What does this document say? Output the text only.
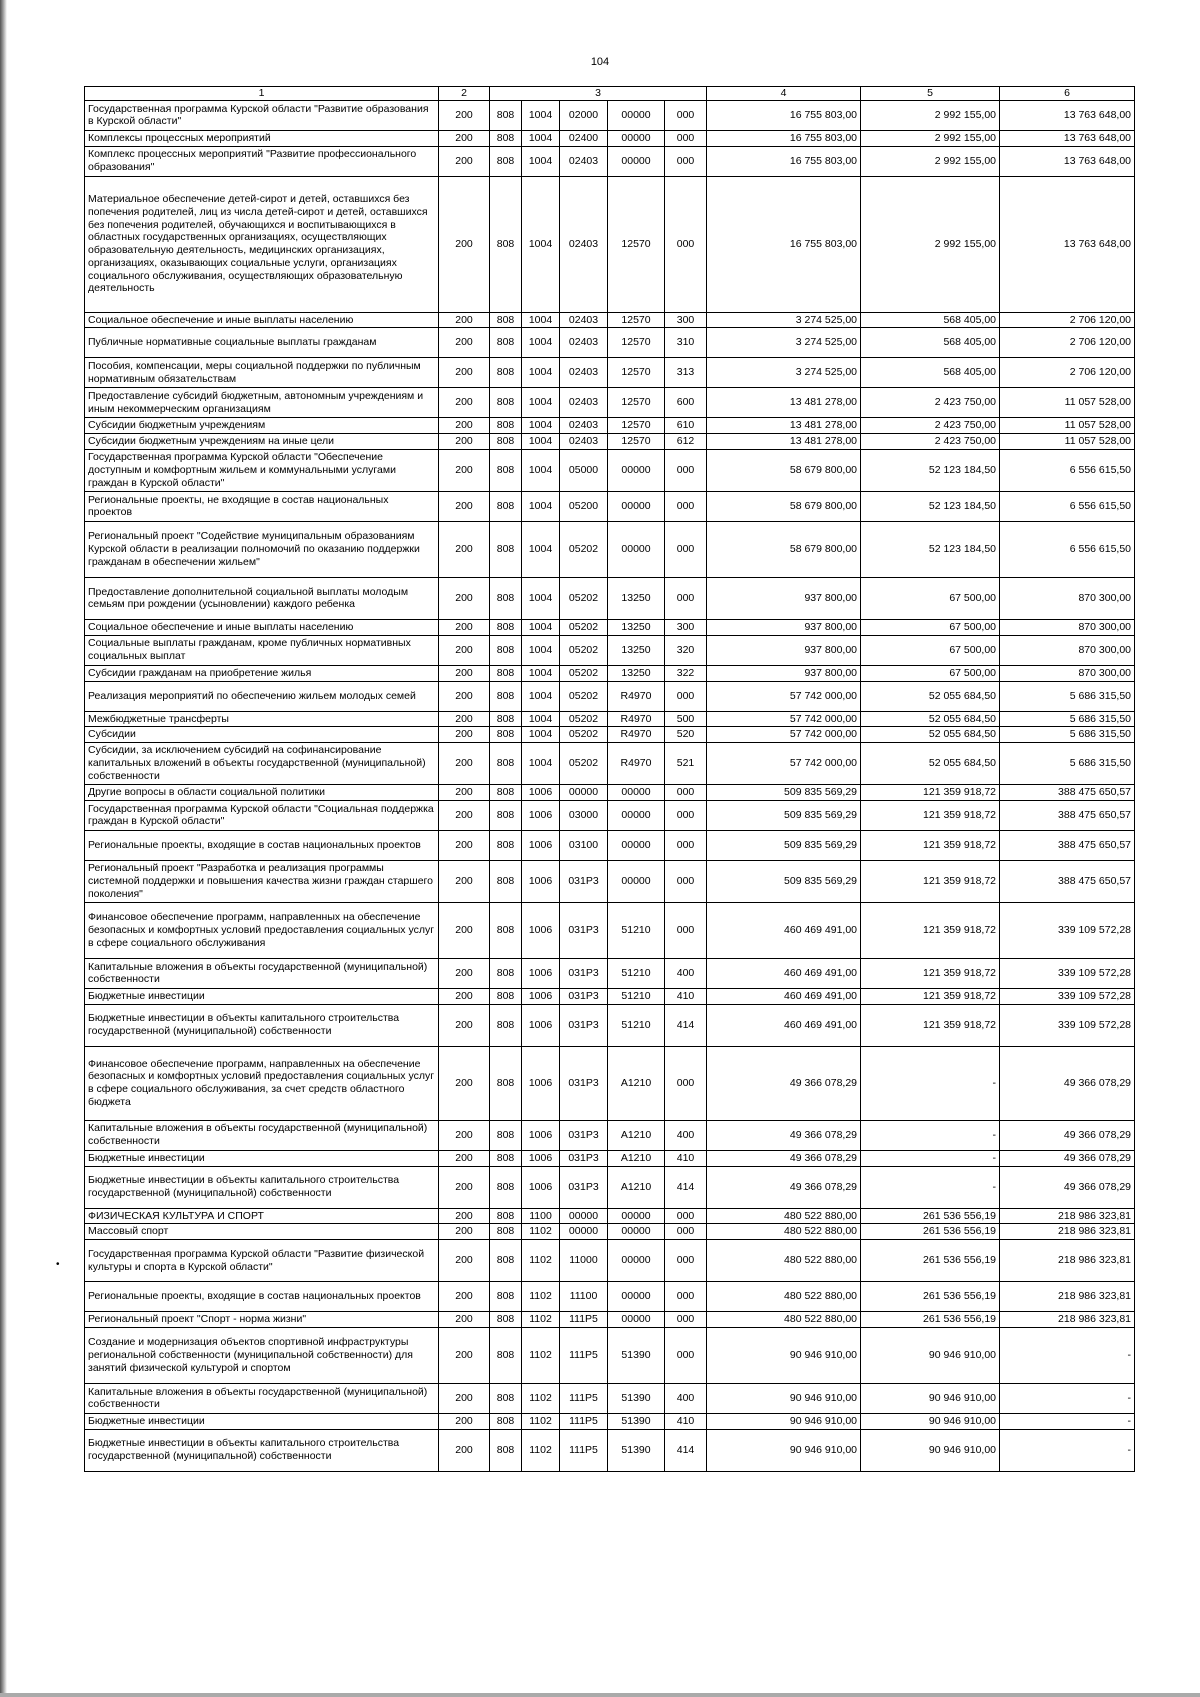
104
•
1	2	3					4	5	6
Государственная программа Курской области "Развитие образования в Курской области"	200	808	1004	02000	00000	000	16 755 803,00	2 992 155,00	13 763 648,00
Комплексы процессных мероприятий	200	808	1004	02400	00000	000	16 755 803,00	2 992 155,00	13 763 648,00
Комплекс процессных мероприятий "Развитие профессионального образования"	200	808	1004	02403	00000	000	16 755 803,00	2 992 155,00	13 763 648,00
Материальное обеспечение детей-сирот и детей, оставшихся без попечения родителей, лиц из числа детей-сирот и детей, оставшихся без попечения родителей, обучающихся и воспитывающихся в областных государственных организациях, осуществляющих образовательную деятельность, медицинских организациях, организациях, оказывающих социальные услуги, организациях социального обслуживания, осуществляющих образовательную деятельность	200	808	1004	02403	12570	000	16 755 803,00	2 992 155,00	13 763 648,00
Социальное обеспечение и иные выплаты населению	200	808	1004	02403	12570	300	3 274 525,00	568 405,00	2 706 120,00
Публичные нормативные социальные выплаты гражданам	200	808	1004	02403	12570	310	3 274 525,00	568 405,00	2 706 120,00
Пособия, компенсации, меры социальной поддержки по публичным нормативным обязательствам	200	808	1004	02403	12570	313	3 274 525,00	568 405,00	2 706 120,00
Предоставление субсидий бюджетным, автономным учреждениям и иным некоммерческим организациям	200	808	1004	02403	12570	600	13 481 278,00	2 423 750,00	11 057 528,00
Субсидии бюджетным учреждениям	200	808	1004	02403	12570	610	13 481 278,00	2 423 750,00	11 057 528,00
Субсидии бюджетным учреждениям на иные цели	200	808	1004	02403	12570	612	13 481 278,00	2 423 750,00	11 057 528,00
Государственная программа Курской области "Обеспечение доступным и комфортным жильем и коммунальными услугами граждан в Курской области"	200	808	1004	05000	00000	000	58 679 800,00	52 123 184,50	6 556 615,50
Региональные проекты, не входящие в состав национальных проектов	200	808	1004	05200	00000	000	58 679 800,00	52 123 184,50	6 556 615,50
Региональный проект "Содействие муниципальным образованиям Курской области в реализации полномочий по оказанию поддержки гражданам в обеспечении жильем"	200	808	1004	05202	00000	000	58 679 800,00	52 123 184,50	6 556 615,50
Предоставление дополнительной социальной выплаты молодым семьям при рождении (усыновлении) каждого ребенка	200	808	1004	05202	13250	000	937 800,00	67 500,00	870 300,00
Социальное обеспечение и иные выплаты населению	200	808	1004	05202	13250	300	937 800,00	67 500,00	870 300,00
Социальные выплаты гражданам, кроме публичных нормативных социальных выплат	200	808	1004	05202	13250	320	937 800,00	67 500,00	870 300,00
Субсидии гражданам на приобретение жилья	200	808	1004	05202	13250	322	937 800,00	67 500,00	870 300,00
Реализация мероприятий по обеспечению жильем молодых семей	200	808	1004	05202	R4970	000	57 742 000,00	52 055 684,50	5 686 315,50
Межбюджетные трансферты	200	808	1004	05202	R4970	500	57 742 000,00	52 055 684,50	5 686 315,50
Субсидии	200	808	1004	05202	R4970	520	57 742 000,00	52 055 684,50	5 686 315,50
Субсидии, за исключением субсидий на софинансирование капитальных вложений в объекты государственной (муниципальной) собственности	200	808	1004	05202	R4970	521	57 742 000,00	52 055 684,50	5 686 315,50
Другие вопросы в области социальной политики	200	808	1006	00000	00000	000	509 835 569,29	121 359 918,72	388 475 650,57
Государственная программа Курской области "Социальная поддержка граждан в Курской области"	200	808	1006	03000	00000	000	509 835 569,29	121 359 918,72	388 475 650,57
Региональные проекты, входящие в состав национальных проектов	200	808	1006	03100	00000	000	509 835 569,29	121 359 918,72	388 475 650,57
Региональный проект "Разработка и реализация программы системной поддержки и повышения качества жизни граждан старшего поколения"	200	808	1006	031P3	00000	000	509 835 569,29	121 359 918,72	388 475 650,57
Финансовое обеспечение программ, направленных на обеспечение безопасных и комфортных условий предоставления социальных услуг в сфере социального обслуживания	200	808	1006	031P3	51210	000	460 469 491,00	121 359 918,72	339 109 572,28
Капитальные вложения в объекты государственной (муниципальной) собственности	200	808	1006	031P3	51210	400	460 469 491,00	121 359 918,72	339 109 572,28
Бюджетные инвестиции	200	808	1006	031P3	51210	410	460 469 491,00	121 359 918,72	339 109 572,28
Бюджетные инвестиции в объекты капитального строительства государственной (муниципальной) собственности	200	808	1006	031P3	51210	414	460 469 491,00	121 359 918,72	339 109 572,28
Финансовое обеспечение программ, направленных на обеспечение безопасных и комфортных условий предоставления социальных услуг в сфере социального обслуживания, за счет средств областного бюджета	200	808	1006	031P3	A1210	000	49 366 078,29	-	49 366 078,29
Капитальные вложения в объекты государственной (муниципальной) собственности	200	808	1006	031P3	A1210	400	49 366 078,29	-	49 366 078,29
Бюджетные инвестиции	200	808	1006	031P3	A1210	410	49 366 078,29	-	49 366 078,29
Бюджетные инвестиции в объекты капитального строительства государственной (муниципальной) собственности	200	808	1006	031P3	A1210	414	49 366 078,29	-	49 366 078,29
ФИЗИЧЕСКАЯ КУЛЬТУРА И СПОРТ	200	808	1100	00000	00000	000	480 522 880,00	261 536 556,19	218 986 323,81
Массовый спорт	200	808	1102	00000	00000	000	480 522 880,00	261 536 556,19	218 986 323,81
Государственная программа Курской области "Развитие физической культуры и спорта в Курской области"	200	808	1102	11000	00000	000	480 522 880,00	261 536 556,19	218 986 323,81
Региональные проекты, входящие в состав национальных проектов	200	808	1102	11100	00000	000	480 522 880,00	261 536 556,19	218 986 323,81
Региональный проект "Спорт - норма жизни"	200	808	1102	111P5	00000	000	480 522 880,00	261 536 556,19	218 986 323,81
Создание и модернизация объектов спортивной инфраструктуры региональной собственности (муниципальной собственности) для занятий физической культурой и спортом	200	808	1102	111P5	51390	000	90 946 910,00	90 946 910,00	-
Капитальные вложения в объекты государственной (муниципальной) собственности	200	808	1102	111P5	51390	400	90 946 910,00	90 946 910,00	-
Бюджетные инвестиции	200	808	1102	111P5	51390	410	90 946 910,00	90 946 910,00	-
Бюджетные инвестиции в объекты капитального строительства государственной (муниципальной) собственности	200	808	1102	111P5	51390	414	90 946 910,00	90 946 910,00	-
